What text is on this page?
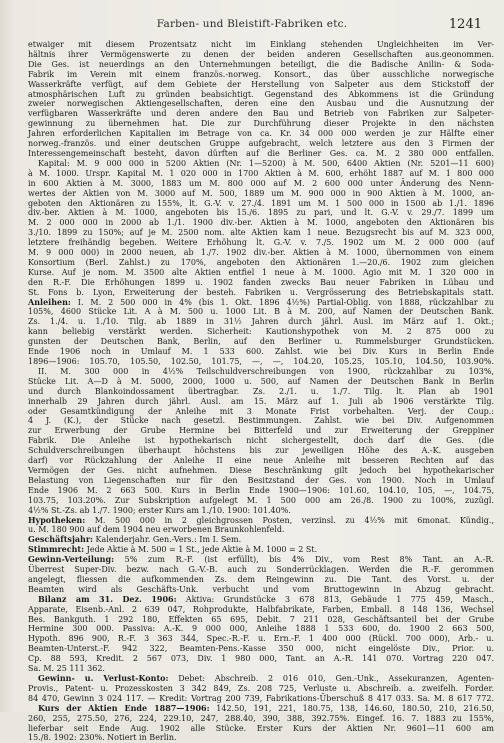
Farben- und Bleistift-Fabriken etc.	1241
etwaiger mit diesem Prozentsatz nicht im Einklang stehenden Ungleichheiten im Ver-
hältnis ihrer Vermögenswerte zu denen der beiden anderen Gesellschaften aus.geonommen.
Die Ges. ist neuerdings an den Unternehmungen beteiligt, die die Badische Anilin- & Soda-
Fabrik im Verein mit einem französ.-norweg. Konsort., das über ausschliche norwegische
Wasserkräfte verfügt, auf dem Gebiete der Herstellung von Salpeter aus dem Stickstoff der
atmosphärischen Luft zu gründen beabsichtigt. Gegenstand des Abkommens ist die Gründung
zweier norwegischen Aktiengesellschaften, deren eine den Ausbau und die Ausnutzung der
verfügbaren Wasserkräfte und deren andere den Bau und Betrieb von Fabriken zur Salpeter-
gewinnung zu übernehmen hat. Die zur Durchführung dieser Projekte in den nächsten
Jahren erforderlichen Kapitalien im Betrage von ca. Kr. 34 000 000 werden je zur Hälfte einer
norweg.-französ. und einer deutschen Gruppe aufgebracht, welch letztere aus den 3 Firmen der
Interessengemeinschaft besteht, davon dürften auf die Berliner Ges. ca. M. 2 380 000 entfallen.
Kapital: M. 9 000 000 in 5200 Aktien (Nr. 1—5200) à M. 500, 6400 Aktien (Nr. 5201—11 600)
à M. 1000. Urspr. Kapital M. 1 020 000 in 1700 Aktien à M. 600, erhöht 1887 auf M. 1 800 000
in 600 Aktien à M. 3000, 1883 um M. 800 000 auf M. 2 600 000 unter Änderung des Nenn-
wertes der Aktien von M. 3000 auf M. 500, 1889 um M. 900 000 in 900 Aktien à M. 1000, an-
geboten den Aktionären zu 155%, lt. G.-V. v. 27./4. 1891 um M. 1 500 000 in 1500 ab 1./1. 1896
div.-ber. Aktien à M. 1000, angeboten bis 15./6. 1895 zu pari, und lt. G.-V. v. 29./7. 1899 um
M. 2 000 000 in 2000 ab 1./1. 1900 div.-ber. Aktien à M. 1000, angeboten den Aktionären bis
3./10. 1899 zu 150%; auf je M. 2500 nom. alte Aktien kam 1 neue. Bezugsrecht bis auf M. 323 000,
letztere freihändig begeben. Weitere Erhöhung lt. G.-V. v. 7./5. 1902 um M. 2 000 000 (auf
M. 9 000 000) in 2000 neuen, ab 1./7. 1902 div.-ber. Aktien à M. 1000, übernommen von einem
Konsortium (Berl. Zahlst.) zu 170%, angeboten den Aktionären 1.—20./6. 1902 zum gleichen
Kurse. Auf je nom. M. 3500 alte Aktien entfiel 1 neue à M. 1000. Agio mit M. 1 320 000 in
den R.-F. Die Erhöhungen 1899 u. 1902 fanden zwecks Bau neuer Fabriken in Lübau und
St. Fons b. Lyon, Erweiterung der besteh. Fabriken u. Vergrösserung des Betriebskapitals statt.
Anleihen: I. M. 2 500 000 in 4% (bis 1. Okt. 1896 4½%) Partial-Oblig. von 1888, rückzahlbar zu
105%, 4600 Stücke Lit. A à M. 500 u. 1000 Lit. B à M. 200, auf Namen der Deutschen Bank.
Zs. 1./4. u. 1./10. Tilg. ab 1889 in 31½ Jahren durch jährl. Ausl. im März auf 1. Okt.;
kann beliebig verstärkt werden. Sicherheit: Kautionshypothek von M. 2 875 000 zu
gunsten der Deutschen Bank, Berlin, auf den Berliner u. Rummelsburger Grundstücken.
Ende 1906 noch in Umlauf M. 1 533 600. Zahlst. wie bei Div. Kurs in Berlin Ende
1896—1906: 105.70, 105.50, 102.50, 101.75, —, —, 104.20, 105.25, 105.10, 104.50, 103.90%.
II. M. 300 000 in 4½% Teilschuldverschreibungen von 1900, rückzahlbar zu 103%,
Stücke Lit. A—D à M. 5000, 2000, 1000 u. 500, auf Namen der Deutschen Bank in Berlin
und durch Blankoindossament übertragbar. Zs. 2./1. u. 1./7. Tilg. lt. Plan ab 1901
innerhalb 29 Jahren durch jährl. Ausl. am 15. März auf 1. Juli ab 1906 verstärkte Tilg.
oder Gesamtkündigung der Anleihe mit 3 Monate Frist vorbehalten. Verj. der Coup.:
4 J. (K.), der Stücke nach gesetzl. Bestimmungen. Zahlst. wie bei Div. Aufgenommen
zur Erwerbung der Grube Hermine bei Bitterfeld und zur Erweiterung der Greppiner
Fabrik. Die Anleihe ist hypothekarisch nicht sichergestellt, doch darf die Ges. (die
Schuldverschreibungen überhaupt höchstens bis zur jeweiligen Höhe des A.-K. ausgeben
darf) vor Rückzahlung der Anleihe II eine neue Anleihe mit besseren Rechten auf das
Vermögen der Ges. nicht aufnehmen. Diese Beschränkung gilt jedoch bei hypothekarischer
Belastung von Liegenschaften nur für den Besitzstand der Ges. von 1900. Noch in Umlauf
Ende 1906 M. 2 663 500. Kurs in Berlin Ende 1900—1906: 101.60, 104.10, 105, —, 104.75,
103.75, 103.20%. Zur Subskription aufgelegt M. 1 500 000 am 26./8. 1900 zu 100%, zuzügl.
4½% St.-Zs. ab 1./7. 1900; erster Kurs am 1./10. 1900: 101.40%.
Hypotheken: M. 500 000 in 2 gleichgrossen Posten, verzinsl. zu 4½% mit 6monat. Kündig.,
u. M. 180 900 auf dem 1904 neu erworbenen Braunkohlenfeld.
Geschäftsjahr: Kalenderjahr. Gen.-Vers.: Im I. Sem.
Stimmrecht: Jede Aktie à M. 500 = 1 St., jede Aktie à M. 1000 = 2 St.
Gewinn-Verteilung: 5% zum R.-F. (ist erfüllt), bis 4% Div., vom Rest 8% Tant. an A.-R.
Überrest Super-Div. bezw. nach G.-V.-B. auch zu Sonderrücklagen. Werden die R.-F. gerommen
angelegt, fliessen die aufkommenden Zs. dem Reingewinn zu. Die Tant. des Vorst. u. der
Beamten wird als Geschäfts-Unk. verbucht und vom Bruttogewinn in Abzug gebracht.
Bilanz am 31. Dez. 1906: Aktiva: Grundstücke 3 678 813, Gebäude 1 775 459, Masch.,
Apparate, Eisenb.-Anl. 2 639 047, Rohprodukte, Halbfabrikate, Farben, Emball. 8 148 136, Wechsel
Bes. Bankguth. 1 292 180, Effekten 65 695, Debit. 7 211 028, Geschäftsanteil bei der Grube
Hermine 300 000. Passiva: A.-K. 9 000 000, Anleihe 1888 1 533 600, do. 1900 2 663 500,
Hypoth. 896 900, R.-F. 3 363 344, Spec.-R.-F. u. Ern.-F. 1 400 000 (Rückl. 700 000), Arb.- u.
Beamten-Unterst.-F. 942 322, Beamten-Pens.-Kasse 350 000, nicht eingelöste Div., Prior. u.
Cp. 88 593, Kredit. 2 567 073, Div. 1 980 000, Tant. an A.-R. 141 070. Vortrag 220 047.
Sa. M. 25 111 362.
Gewinn- u. Verlust-Konto: Debet: Abschreib. 2 016 010, Gen.-Unk., Assekuranzen, Agenten-
Provis., Patent- u. Prozesskosten 3 342 849, Zs. 208 725, Verluste u. Abschreib. a. zweifelh. Forder.
84 470, Gewinn 3 024 117. — Kredit: Vortrag 200 739, Fabrikations-Überschuß 8 417 033. Sa. M. 8 617 772.
Kurs der Aktien Ende 1887—1906: 142.50, 191, 221, 180.75, 138, 146.60, 180.50, 210, 216.50,
260, 255, 275.50, 276, 224, 229.10, 247, 288.40, 390, 388, 392.75%. Eingef. 16. 7. 1883 zu 155%,
lieferbar seit Ende Aug. 1902 alle Stücke. Erster Kurs der Aktien Nr. 9601—11 600 am
15./8. 1902: 230%. Notiert in Berlin.
